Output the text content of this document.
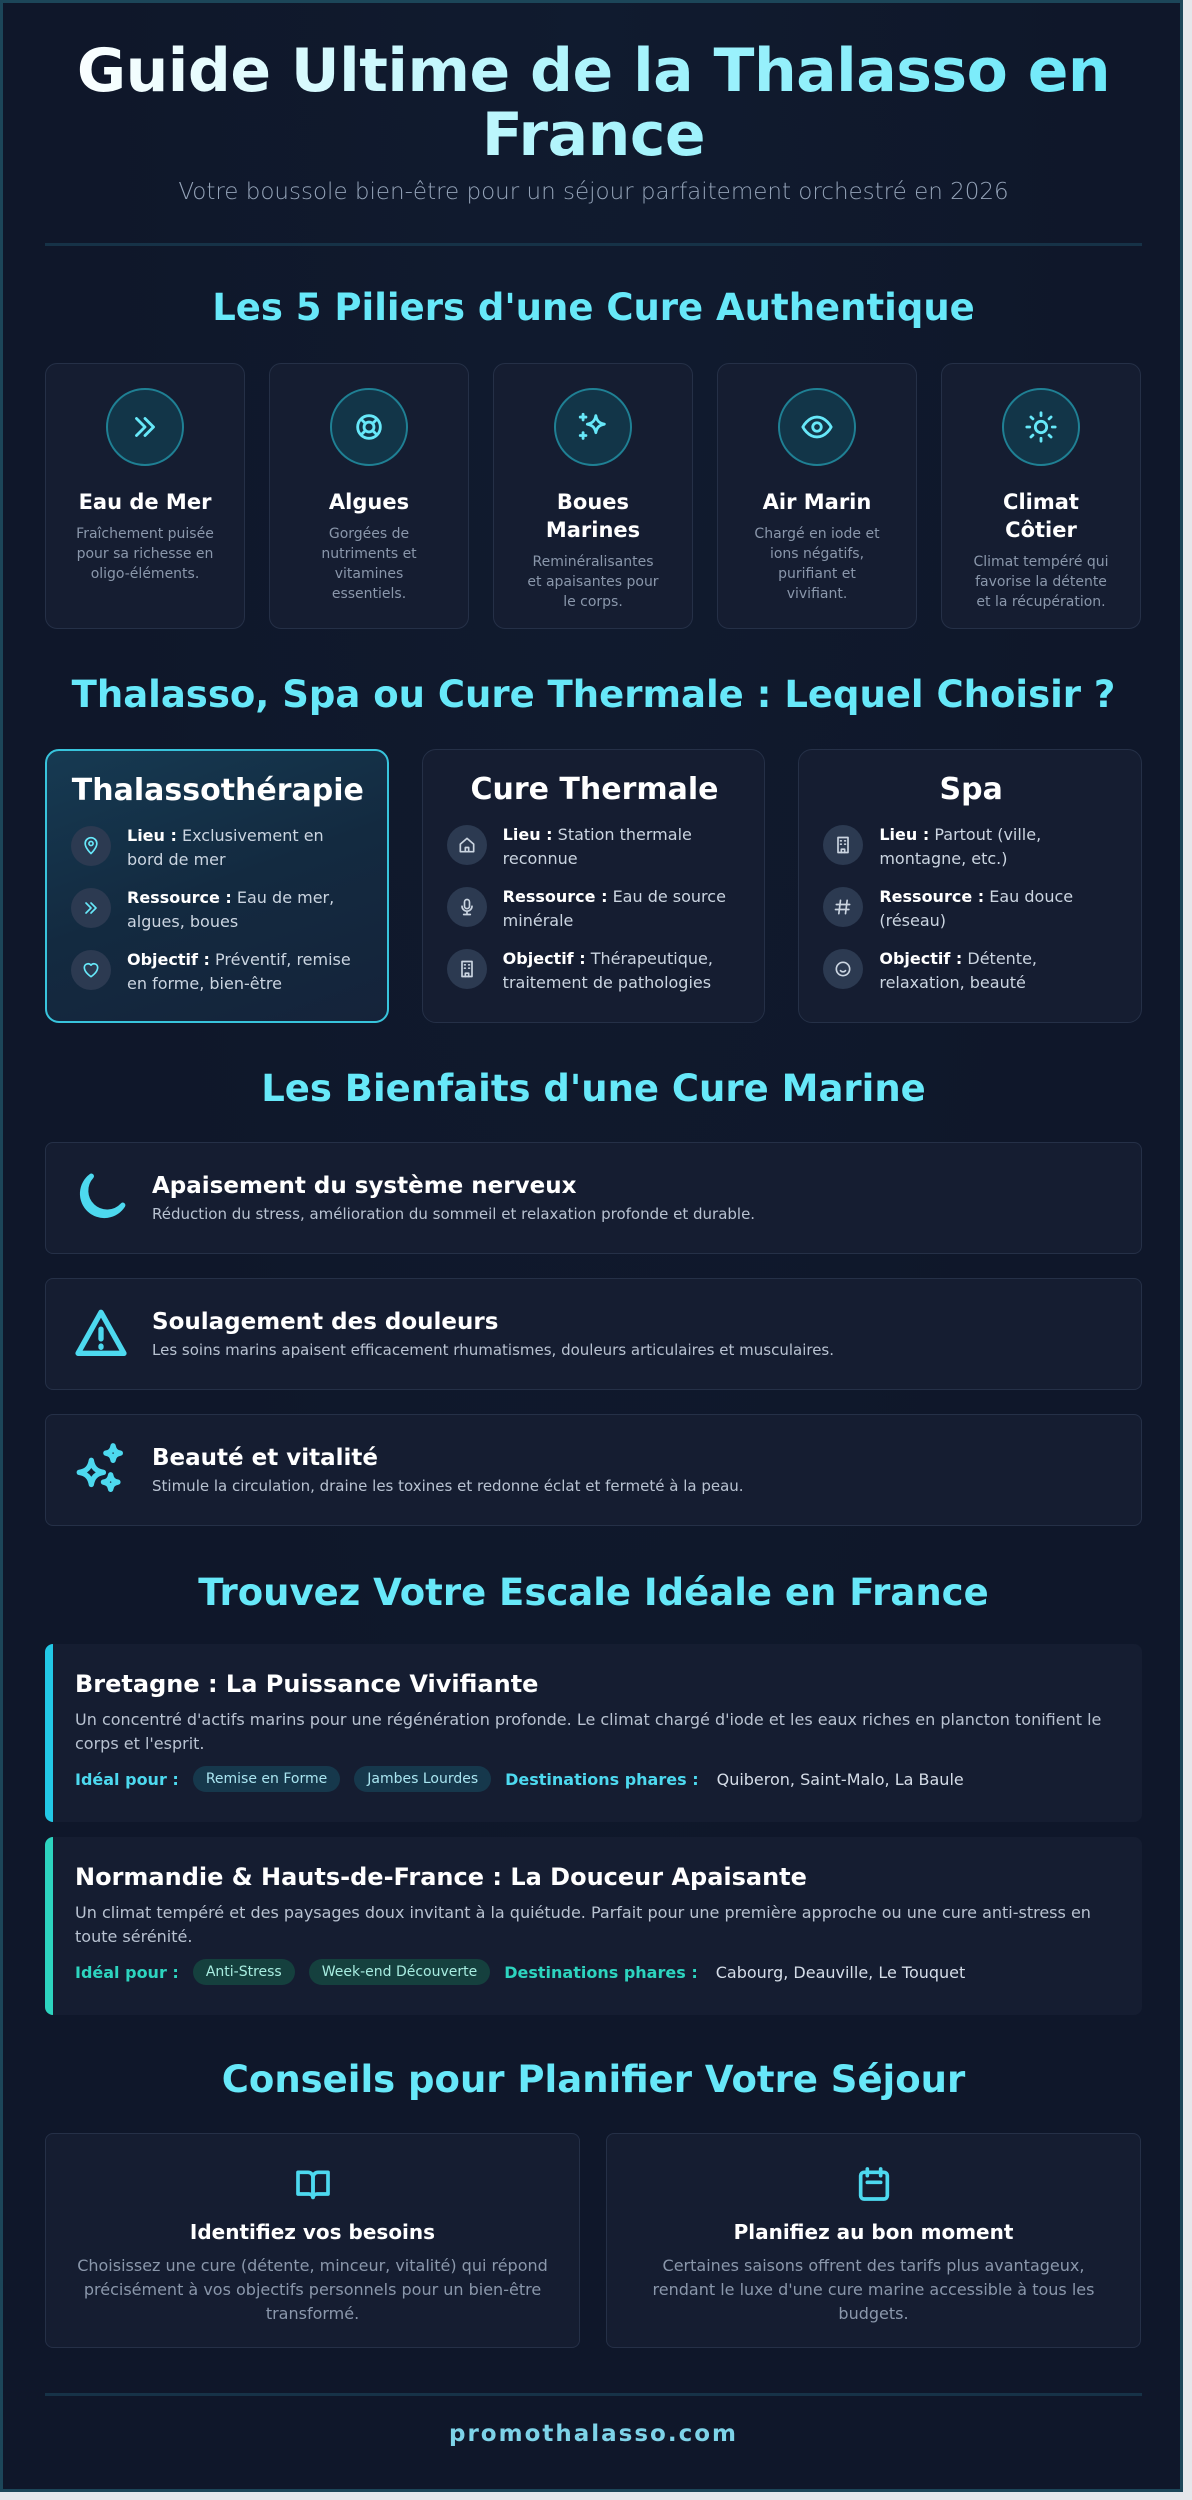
Guide Ultime de la Thalasso en France

Votre boussole bien-être pour un séjour parfaitement orchestré en 2026

Les 5 Piliers d'une Cure Authentique
Eau de Mer
Fraîchement puisée pour sa richesse en oligo-éléments.
Algues
Gorgées de nutriments et vitamines essentiels.
Boues Marines
Reminéralisantes et apaisantes pour le corps.
Air Marin
Chargé en iode et ions négatifs, purifiant et vivifiant.
Climat Côtier
Climat tempéré qui favorise la détente et la récupération.
Thalasso, Spa ou Cure Thermale : Lequel Choisir ?
Thalassothérapie
Lieu : Exclusivement en bord de mer
Ressource : Eau de mer, algues, boues
Objectif : Préventif, remise en forme, bien-être
Cure Thermale
Lieu : Station thermale reconnue
Ressource : Eau de source minérale
Objectif : Thérapeutique, traitement de pathologies
Spa
Lieu : Partout (ville, montagne, etc.)
Ressource : Eau douce (réseau)
Objectif : Détente, relaxation, beauté
Les Bienfaits d'une Cure Marine
Apaisement du système nerveux
Réduction du stress, amélioration du sommeil et relaxation profonde et durable.
Soulagement des douleurs
Les soins marins apaisent efficacement rhumatismes, douleurs articulaires et musculaires.
Beauté et vitalité
Stimule la circulation, draine les toxines et redonne éclat et fermeté à la peau.
Trouvez Votre Escale Idéale en France
Bretagne : La Puissance Vivifiante
Un concentré d'actifs marins pour une régénération profonde. Le climat chargé d'iode et les eaux riches en plancton tonifient le corps et l'esprit.
Idéal pour :	Remise en Forme	Jambes Lourdes	Destinations phares : Quiberon, Saint-Malo, La Baule
Normandie & Hauts-de-France : La Douceur Apaisante
Un climat tempéré et des paysages doux invitant à la quiétude. Parfait pour une première approche ou une cure anti-stress en toute sérénité.
Idéal pour :	Anti-Stress	Week-end Découverte	Destinations phares : Cabourg, Deauville, Le Touquet
Conseils pour Planifier Votre Séjour
Identifiez vos besoins
Choisissez une cure (détente, minceur, vitalité) qui répond précisément à vos objectifs personnels pour un bien-être transformé.
Planifiez au bon moment
Certaines saisons offrent des tarifs plus avantageux, rendant le luxe d'une cure marine accessible à tous les budgets.
promothalasso.com
